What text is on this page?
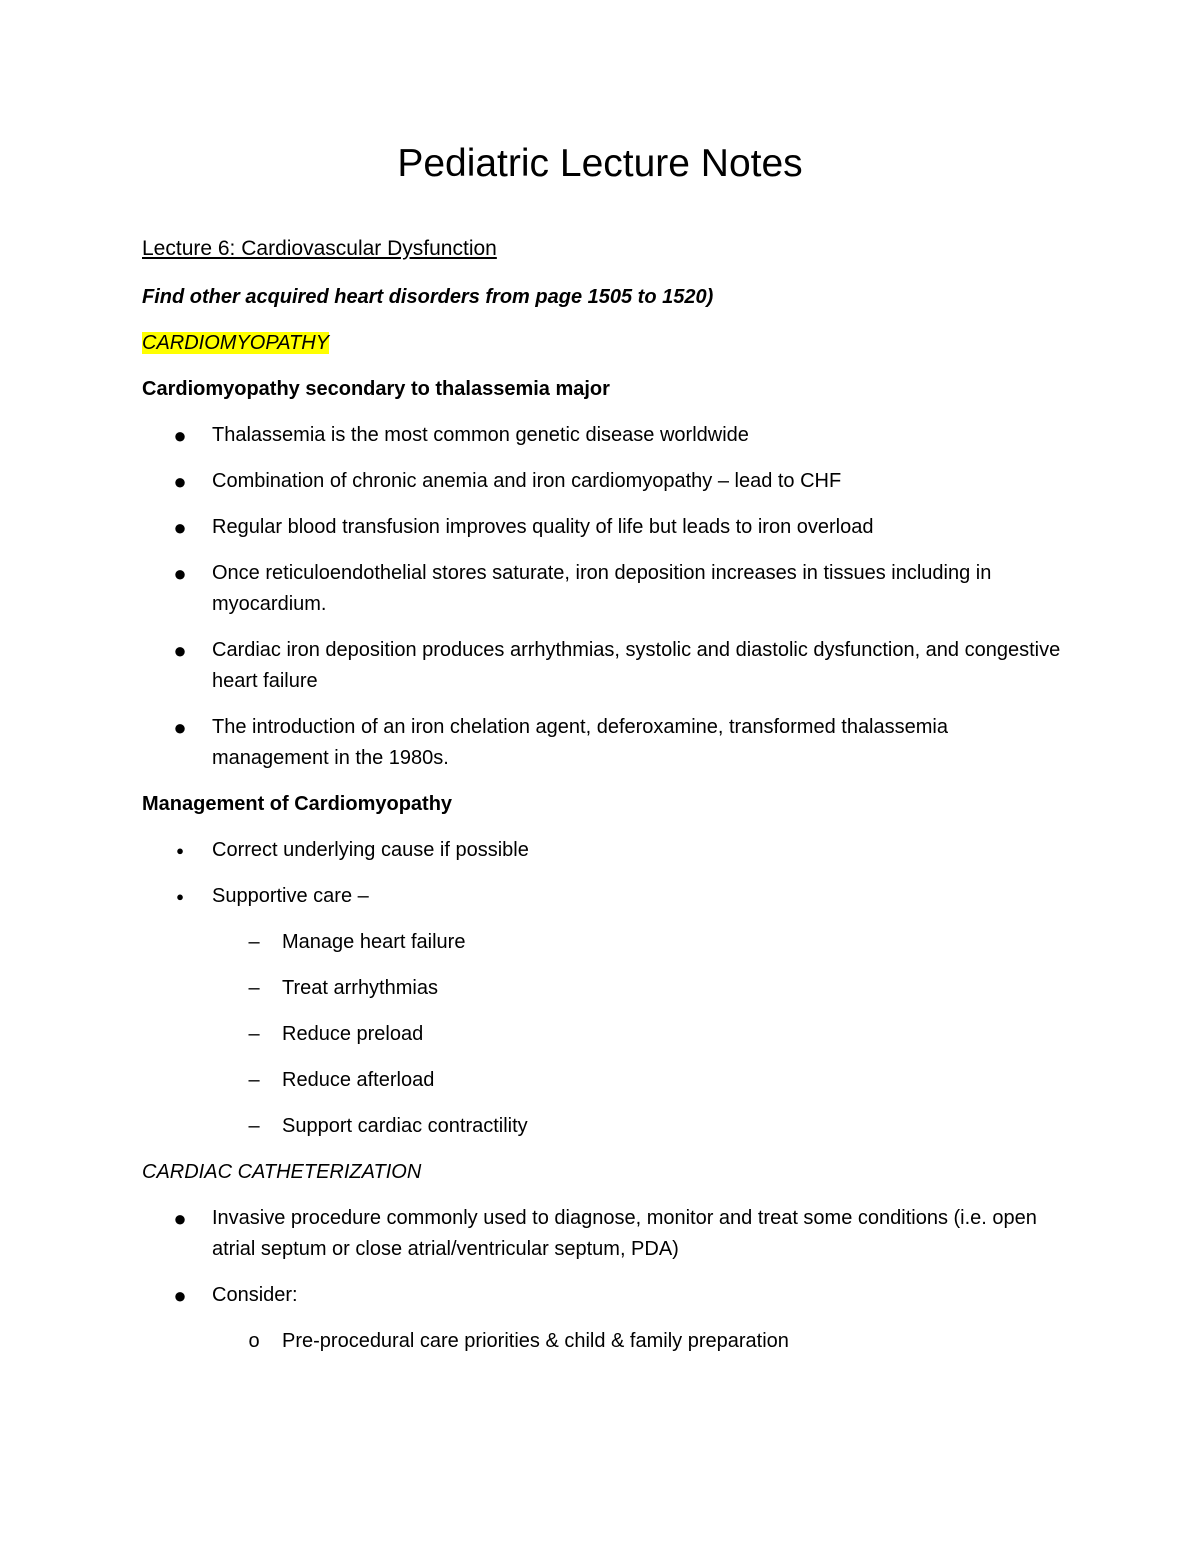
Pediatric Lecture Notes
Lecture 6: Cardiovascular Dysfunction
Find other acquired heart disorders from page 1505 to 1520)
CARDIOMYOPATHY
Cardiomyopathy secondary to thalassemia major
● Thalassemia is the most common genetic disease worldwide
● Combination of chronic anemia and iron cardiomyopathy – lead to CHF
● Regular blood transfusion improves quality of life but leads to iron overload
● Once reticuloendothelial stores saturate, iron deposition increases in tissues including in myocardium.
● Cardiac iron deposition produces arrhythmias, systolic and diastolic dysfunction, and congestive heart failure
● The introduction of an iron chelation agent, deferoxamine, transformed thalassemia management in the 1980s.
Management of Cardiomyopathy
●	Correct underlying cause if possible
●	Supportive care –
–	Manage heart failure
–	Treat arrhythmias
–	Reduce preload
–	Reduce afterload
–	Support cardiac contractility
CARDIAC CATHETERIZATION
● Invasive procedure commonly used to diagnose, monitor and treat some conditions (i.e. open atrial septum or close atrial/ventricular septum, PDA)
● Consider:
o	Pre-procedural care priorities & child & family preparation
